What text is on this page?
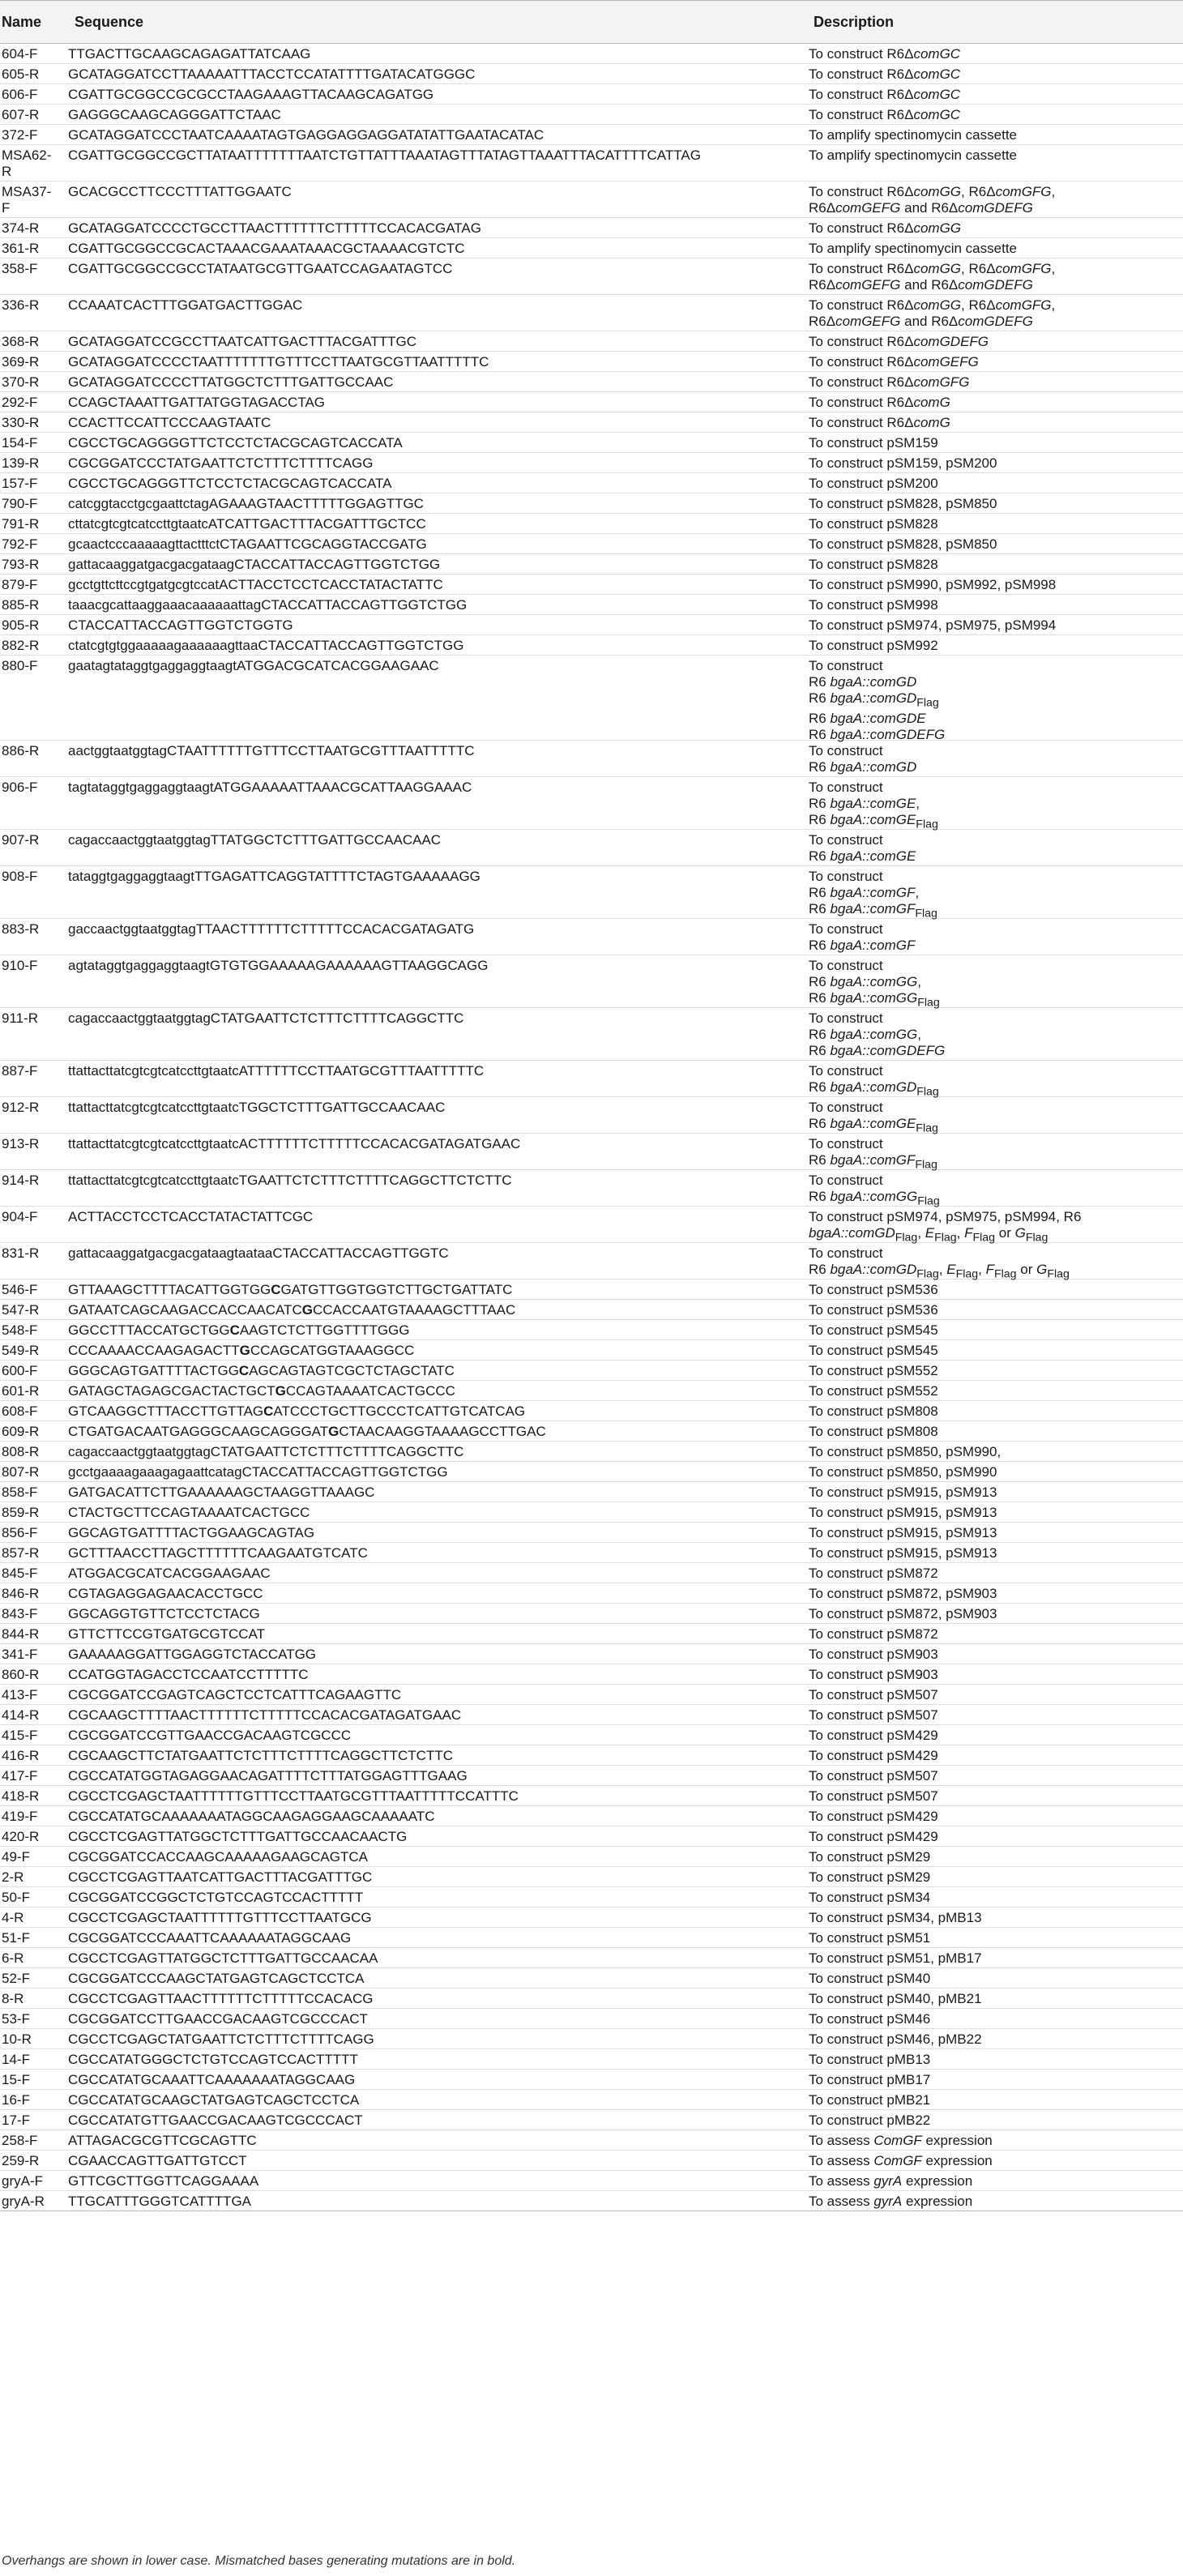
Name	Sequence	Description
604-F	TTGACTTGCAAGCAGAGATTATCAAG	To construct R6ΔcomGC
605-R	GCATAGGATCCTTAAAAATTTACCTCCATATTTTGATACATGGGC	To construct R6ΔcomGC
606-F	CGATTGCGGCCGCGCCTAAGAAAGTTACAAGCAGATGG	To construct R6ΔcomGC
607-R	GAGGGCAAGCAGGGATTCTAAC	To construct R6ΔcomGC
372-F	GCATAGGATCCCTAATCAAAATAGTGAGGAGGAGGATATATTGAATACATAC	To amplify spectinomycin cassette
MSA62-
R
CGATTGCGGCCGCTTATAATTTTTTTAATCTGTTATTTAAATAGTTTATAGTTAAATTTACATTTTCATTAG	To amplify spectinomycin cassette
MSA37-
F
GCACGCCTTCCCTTTATTGGAATC	To construct R6ΔcomGG, R6ΔcomGFG,
R6ΔcomGEFG and R6ΔcomGDEFG
374-R	GCATAGGATCCCCTGCCTTAACTTTTTTCTTTTTCCACACGATAG	To construct R6ΔcomGG
361-R	CGATTGCGGCCGCACTAAACGAAATAAACGCTAAAACGTCTC	To amplify spectinomycin cassette
358-F	CGATTGCGGCCGCCTATAATGCGTTGAATCCAGAATAGTCC	To construct R6ΔcomGG, R6ΔcomGFG,
R6ΔcomGEFG and R6ΔcomGDEFG
336-R	CCAAATCACTTTGGATGACTTGGAC	To construct R6ΔcomGG, R6ΔcomGFG,
R6ΔcomGEFG and R6ΔcomGDEFG
368-R	GCATAGGATCCGCCTTAATCATTGACTTTACGATTTGC	To construct R6ΔcomGDEFG
369-R	GCATAGGATCCCCTAATTTTTTTGTTTCCTTAATGCGTTAATTTTTC	To construct R6ΔcomGEFG
370-R	GCATAGGATCCCCTTATGGCTCTTTGATTGCCAAC	To construct R6ΔcomGFG
292-F	CCAGCTAAATTGATTATGGTAGACCTAG	To construct R6ΔcomG
330-R	CCACTTCCATTCCCAAGTAATC	To construct R6ΔcomG
154-F	CGCCTGCAGGGGTTCTCCTCTACGCAGTCACCATA	To construct pSM159
139-R	CGCGGATCCCTATGAATTCTCTTTCTTTTCAGG	To construct pSM159, pSM200
157-F	CGCCTGCAGGGTTCTCCTCTACGCAGTCACCATA	To construct pSM200
790-F	catcggtacctgcgaattctagAGAAAGTAACTTTTTGGAGTTGC	To construct pSM828, pSM850
791-R	cttatcgtcgtcatccttgtaatcATCATTGACTTTACGATTTGCTCC	To construct pSM828
792-F	gcaactcccaaaaagttactttctCTAGAATTCGCAGGTACCGATG	To construct pSM828, pSM850
793-R	gattacaaggatgacgacgataagCTACCATTACCAGTTGGTCTGG	To construct pSM828
879-F	gcctgttcttccgtgatgcgtccatACTTACCTCCTCACCTATACTATTC	To construct pSM990, pSM992, pSM998
885-R	taaacgcattaaggaaacaaaaaattagCTACCATTACCAGTTGGTCTGG	To construct pSM998
905-R	CTACCATTACCAGTTGGTCTGGTG	To construct pSM974, pSM975, pSM994
882-R	ctatcgtgtggaaaaagaaaaaagttaaCTACCATTACCAGTTGGTCTGG	To construct pSM992
880-F	gaatagtataggtgaggaggtaagtATGGACGCATCACGGAAGAAC	To construct
R6 bgaA::comGD
R6 bgaA::comGD$_{Flag}$
R6 bgaA::comGDE
R6 bgaA::comGDEFG
886-R	aactggtaatggtagCTAATTTTTTGTTTCCTTAATGCGTTTAATTTTTC	To construct
R6 bgaA::comGD
906-F	tagtataggtgaggaggtaagtATGGAAAAATTAAACGCATTAAGGAAAC	To construct
R6 bgaA::comGE,
R6 bgaA::comGE$_{Flag}$
907-R	cagaccaactggtaatggtagTTATGGCTCTTTGATTGCCAACAAC	To construct
R6 bgaA::comGE
908-F	tataggtgaggaggtaagtTTGAGATTCAGGTATTTTCTAGTGAAAAAGG	To construct
R6 bgaA::comGF,
R6 bgaA::comGF$_{Flag}$
883-R	gaccaactggtaatggtagTTAACTTTTTTCTTTTTCCACACGATAGATG	To construct
R6 bgaA::comGF
910-F	agtataggtgaggaggtaagtGTGTGGAAAAAGAAAAAAGTTAAGGCAGG	To construct
R6 bgaA::comGG,
R6 bgaA::comGG$_{Flag}$
911-R	cagaccaactggtaatggtagCTATGAATTCTCTTTCTTTTCAGGCTTC	To construct
R6 bgaA::comGG,
R6 bgaA::comGDEFG
887-F	ttattacttatcgtcgtcatccttgtaatcATTTTTTCCTTAATGCGTTTAATTTTTC	To construct
R6 bgaA::comGD$_{Flag}$
912-R	ttattacttatcgtcgtcatccttgtaatcTGGCTCTTTGATTGCCAACAAC	To construct
R6 bgaA::comGE$_{Flag}$
913-R	ttattacttatcgtcgtcatccttgtaatcACTTTTTTCTTTTTCCACACGATAGATGAAC	To construct
R6 bgaA::comGF$_{Flag}$
914-R	ttattacttatcgtcgtcatccttgtaatcTGAATTCTCTTTCTTTTCAGGCTTCTCTTC	To construct
R6 bgaA::comGG$_{Flag}$
904-F	ACTTACCTCCTCACCTATACTATTCGC	To construct pSM974, pSM975, pSM994, R6
bgaA::comGD$_{Flag}$, $E_{Flag}$, $F_{Flag}$ or $G_{Flag}$
831-R	gattacaaggatgacgacgataagtaataaCTACCATTACCAGTTGGTC	To construct
R6 bgaA::comGD$_{Flag}$, $E_{Flag}$, $F_{Flag}$ or $G_{Flag}$
546-F	GTTAAAGCTTTTACATTGGTGGCGATGTTGGTGGTCTTGCTGATTATC	To construct pSM536
547-R	GATAATCAGCAAGACCACCAACATCGCCACCAATGTAAAAGCTTTAAC	To construct pSM536
548-F	GGCCTTTACCATGCTGGCAAGTCTCTTGGTTTTGGG	To construct pSM545
549-R	CCCAAAACCAAGAGACTTGCCAGCATGGTAAAGGCC	To construct pSM545
600-F	GGGCAGTGATTTTACTGGCAGCAGTAGTCGCTCTAGCTATC	To construct pSM552
601-R	GATAGCTAGAGCGACTACTGCTGCCAGTAAAATCACTGCCC	To construct pSM552
608-F	GTCAAGGCTTTACCTTGTTAGCATCCCTGCTTGCCCTCATTGTCATCAG	To construct pSM808
609-R	CTGATGACAATGAGGGCAAGCAGGGATGCTAACAAGGTAAAAGCCTTGAC	To construct pSM808
808-R	cagaccaactggtaatggtagCTATGAATTCTCTTTCTTTTCAGGCTTC	To construct pSM850, pSM990,
807-R	gcctgaaaagaaagagaattcatagCTACCATTACCAGTTGGTCTGG	To construct pSM850, pSM990
858-F	GATGACATTCTTGAAAAAAGCTAAGGTTAAAGC	To construct pSM915, pSM913
859-R	CTACTGCTTCCAGTAAAATCACTGCC	To construct pSM915, pSM913
856-F	GGCAGTGATTTTACTGGAAGCAGTAG	To construct pSM915, pSM913
857-R	GCTTTAACCTTAGCTTTTTTCAAGAATGTCATC	To construct pSM915, pSM913
845-F	ATGGACGCATCACGGAAGAAC	To construct pSM872
846-R	CGTAGAGGAGAACACCTGCC	To construct pSM872, pSM903
843-F	GGCAGGTGTTCTCCTCTACG	To construct pSM872, pSM903
844-R	GTTCTTCCGTGATGCGTCCAT	To construct pSM872
341-F	GAAAAAGGATTGGAGGTCTACCATGG	To construct pSM903
860-R	CCATGGTAGACCTCCAATCCTTTTTC	To construct pSM903
413-F	CGCGGATCCGAGTCAGCTCCTCATTTCAGAAGTTC	To construct pSM507
414-R	CGCAAGCTTTTAACTTTTTTCTTTTTCCACACGATAGATGAAC	To construct pSM507
415-F	CGCGGATCCGTTGAACCGACAAGTCGCCC	To construct pSM429
416-R	CGCAAGCTTCTATGAATTCTCTTTCTTTTCAGGCTTCTCTTC	To construct pSM429
417-F	CGCCATATGGTAGAGGAACAGATTTTCTTTATGGAGTTTGAAG	To construct pSM507
418-R	CGCCTCGAGCTAATTTTTTGTTTCCTTAATGCGTTTAATTTTTCCATTTC	To construct pSM507
419-F	CGCCATATGCAAAAAAATAGGCAAGAGGAAGCAAAAATC	To construct pSM429
420-R	CGCCTCGAGTTATGGCTCTTTGATTGCCAACAACTG	To construct pSM429
49-F	CGCGGATCCACCAAGCAAAAAGAAGCAGTCA	To construct pSM29
2-R	CGCCTCGAGTTAATCATTGACTTTACGATTTGC	To construct pSM29
50-F	CGCGGATCCGGCTCTGTCCAGTCCACTTTTT	To construct pSM34
4-R	CGCCTCGAGCTAATTTTTTGTTTCCTTAATGCG	To construct pSM34, pMB13
51-F	CGCGGATCCCAAATTCAAAAAATAGGCAAG	To construct pSM51
6-R	CGCCTCGAGTTATGGCTCTTTGATTGCCAACAA	To construct pSM51, pMB17
52-F	CGCGGATCCCAAGCTATGAGTCAGCTCCTCA	To construct pSM40
8-R	CGCCTCGAGTTAACTTTTTTCTTTTTCCACACG	To construct pSM40, pMB21
53-F	CGCGGATCCTTGAACCGACAAGTCGCCCACT	To construct pSM46
10-R	CGCCTCGAGCTATGAATTCTCTTTCTTTTCAGG	To construct pSM46, pMB22
14-F	CGCCATATGGGCTCTGTCCAGTCCACTTTTT	To construct pMB13
15-F	CGCCATATGCAAATTCAAAAAAATAGGCAAG	To construct pMB17
16-F	CGCCATATGCAAGCTATGAGTCAGCTCCTCA	To construct pMB21
17-F	CGCCATATGTTGAACCGACAAGTCGCCCACT	To construct pMB22
258-F	ATTAGACGCGTTCGCAGTTC	To assess ComGF expression
259-R	CGAACCAGTTGATTGTCCT	To assess ComGF expression
gryA-F	GTTCGCTTGGTTCAGGAAAA	To assess gyrA expression
gryA-R	TTGCATTTGGGTCATTTTGA	To assess gyrA expression
Overhangs are shown in lower case. Mismatched bases generating mutations are in bold.
